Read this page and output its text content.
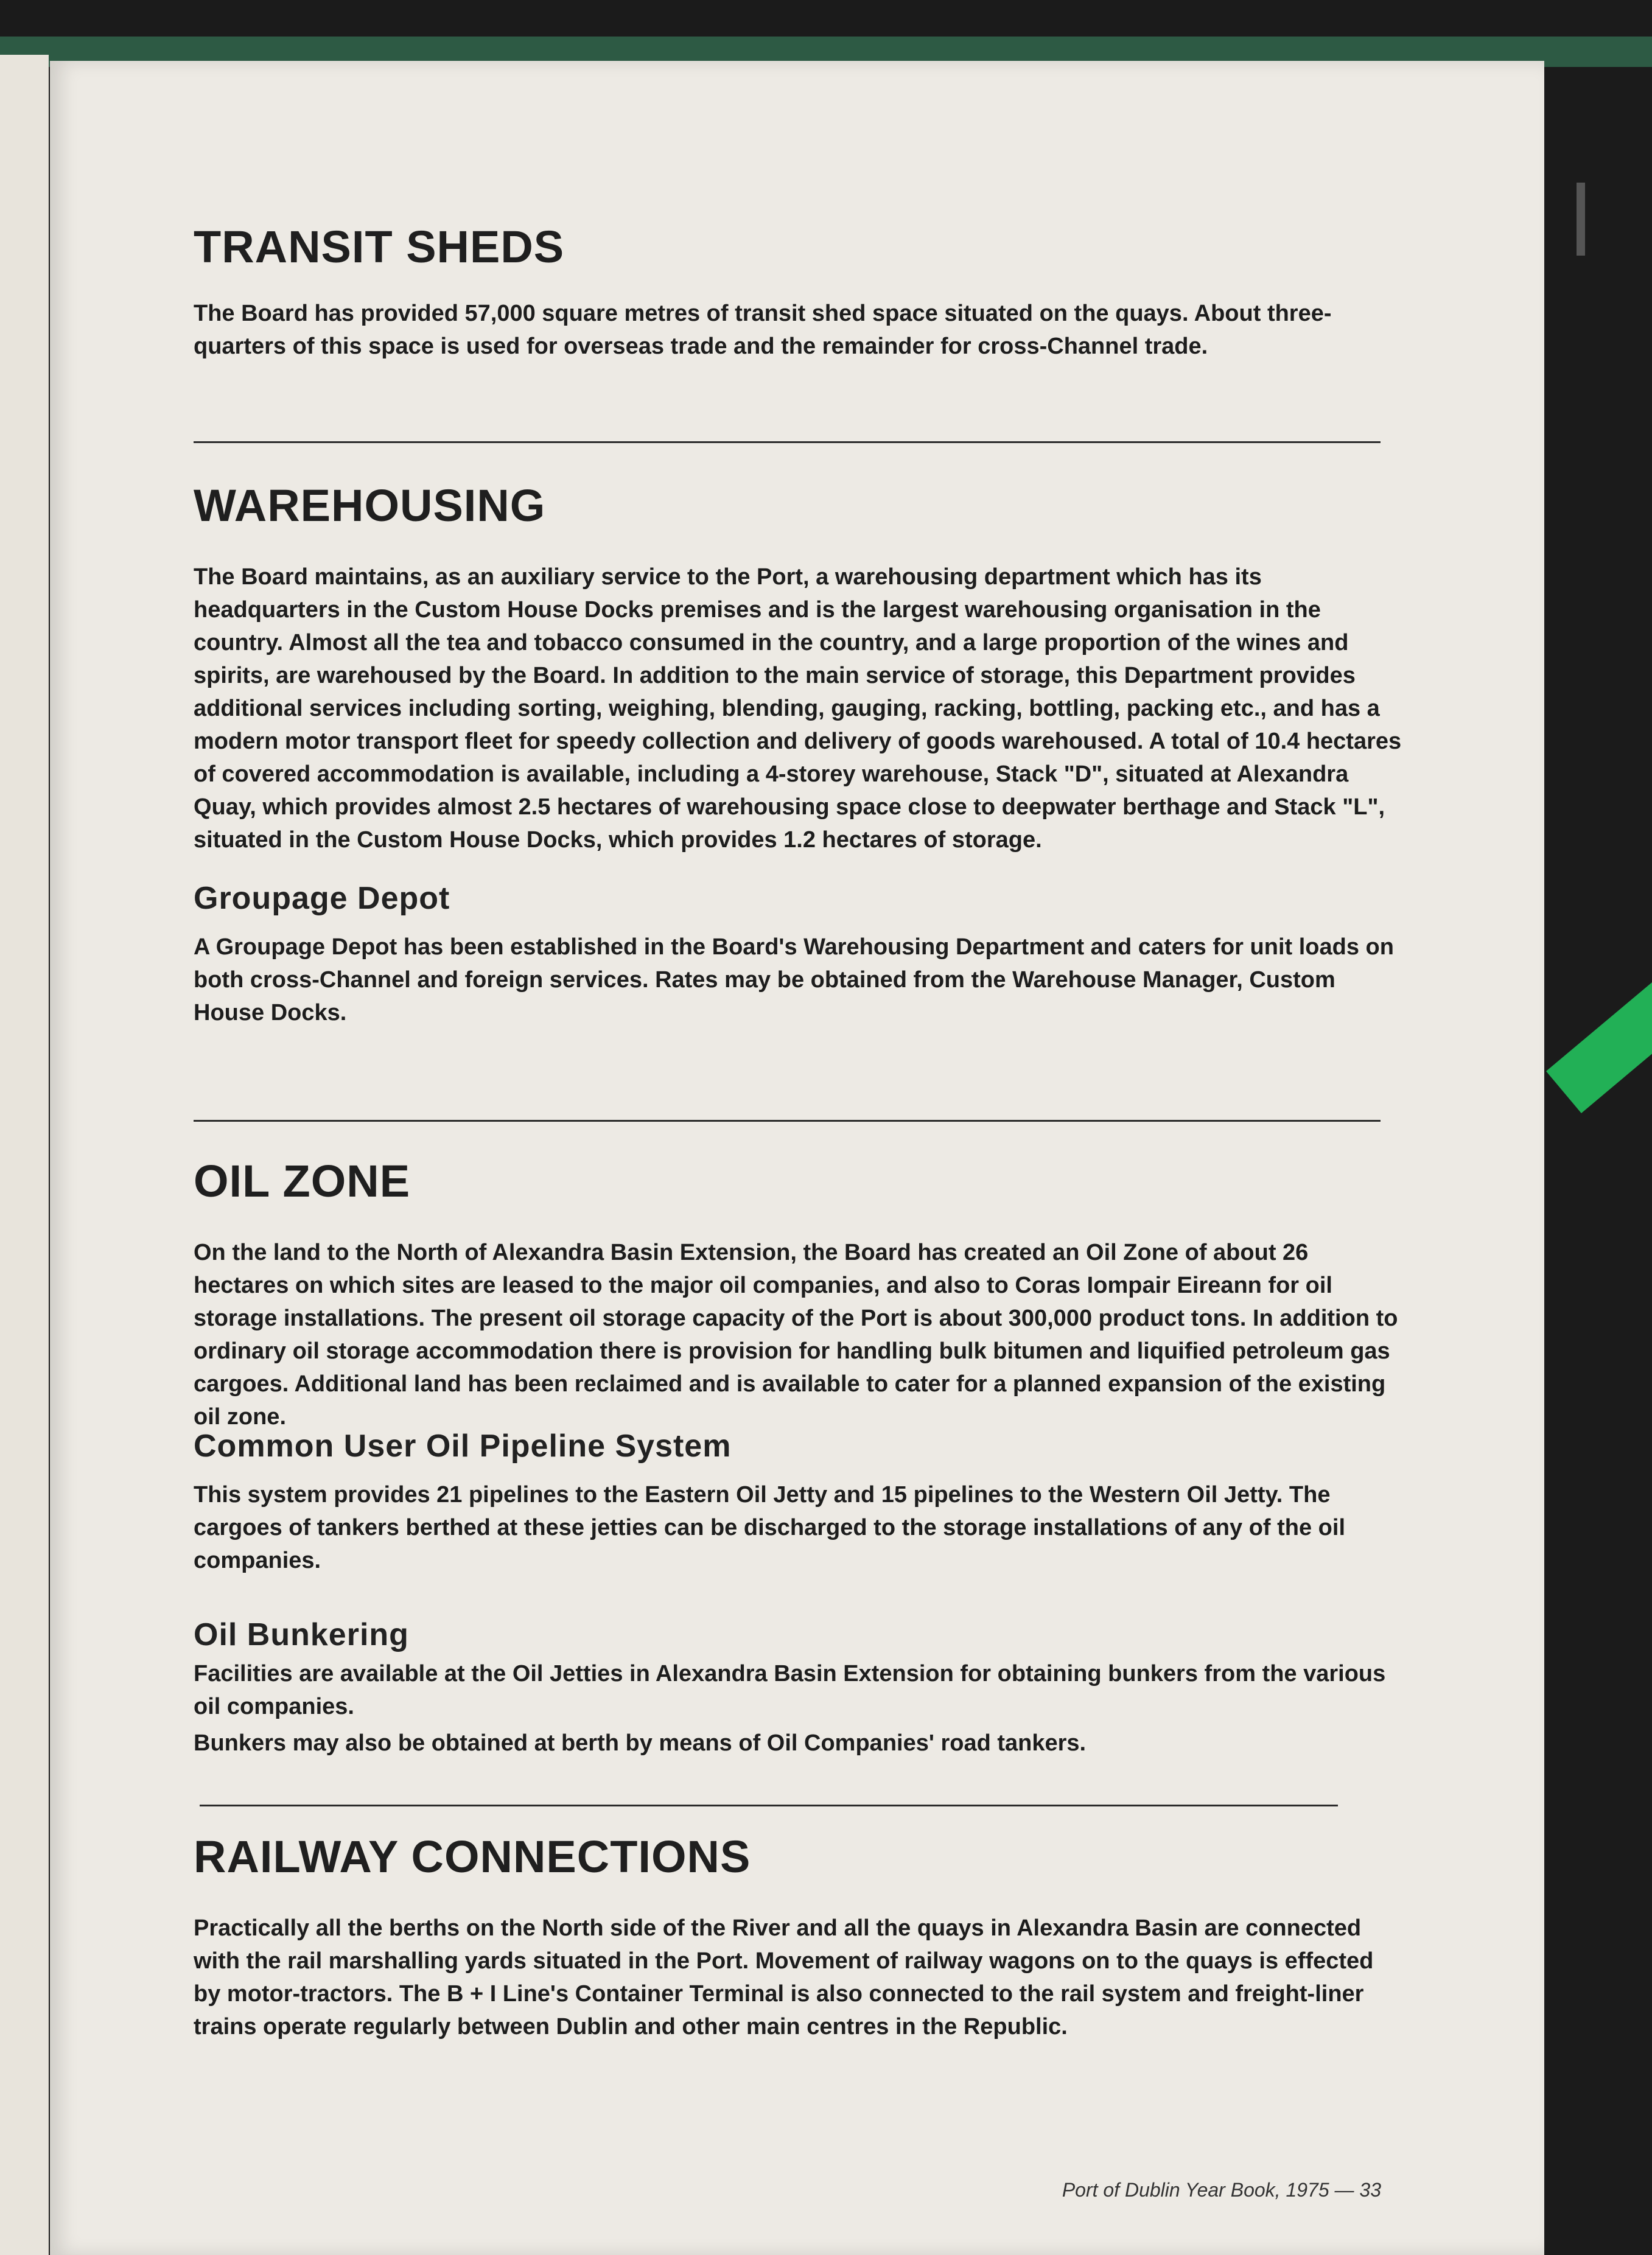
TRANSIT SHEDS

The Board has provided 57,000 square metres of transit shed space situated on the quays. About three-quarters of this space is used for overseas trade and the remainder for cross-Channel trade.

WAREHOUSING

The Board maintains, as an auxiliary service to the Port, a warehousing department which has its headquarters in the Custom House Docks premises and is the largest warehousing organisation in the country. Almost all the tea and tobacco consumed in the country, and a large proportion of the wines and spirits, are warehoused by the Board. In addition to the main service of storage, this Department provides additional services including sorting, weighing, blending, gauging, racking, bottling, packing etc., and has a modern motor transport fleet for speedy collection and delivery of goods warehoused. A total of 10.4 hectares of covered accommodation is available, including a 4-storey warehouse, Stack "D", situated at Alexandra Quay, which provides almost 2.5 hectares of warehousing space close to deepwater berthage and Stack "L", situated in the Custom House Docks, which provides 1.2 hectares of storage.

Groupage Depot

A Groupage Depot has been established in the Board's Warehousing Department and caters for unit loads on both cross-Channel and foreign services. Rates may be obtained from the Warehouse Manager, Custom House Docks.

OIL ZONE

On the land to the North of Alexandra Basin Extension, the Board has created an Oil Zone of about 26 hectares on which sites are leased to the major oil companies, and also to Coras Iompair Eireann for oil storage installations. The present oil storage capacity of the Port is about 300,000 product tons. In addition to ordinary oil storage accommodation there is provision for handling bulk bitumen and liquified petroleum gas cargoes. Additional land has been reclaimed and is available to cater for a planned expansion of the existing oil zone.

Common User Oil Pipeline System

This system provides 21 pipelines to the Eastern Oil Jetty and 15 pipelines to the Western Oil Jetty. The cargoes of tankers berthed at these jetties can be discharged to the storage installations of any of the oil companies.

Oil Bunkering

Facilities are available at the Oil Jetties in Alexandra Basin Extension for obtaining bunkers from the various oil companies.

Bunkers may also be obtained at berth by means of Oil Companies' road tankers.

RAILWAY CONNECTIONS

Practically all the berths on the North side of the River and all the quays in Alexandra Basin are connected with the rail marshalling yards situated in the Port. Movement of railway wagons on to the quays is effected by motor-tractors. The B + I Line's Container Terminal is also connected to the rail system and freight-liner trains operate regularly between Dublin and other main centres in the Republic.

Port of Dublin Year Book, 1975 — 33
